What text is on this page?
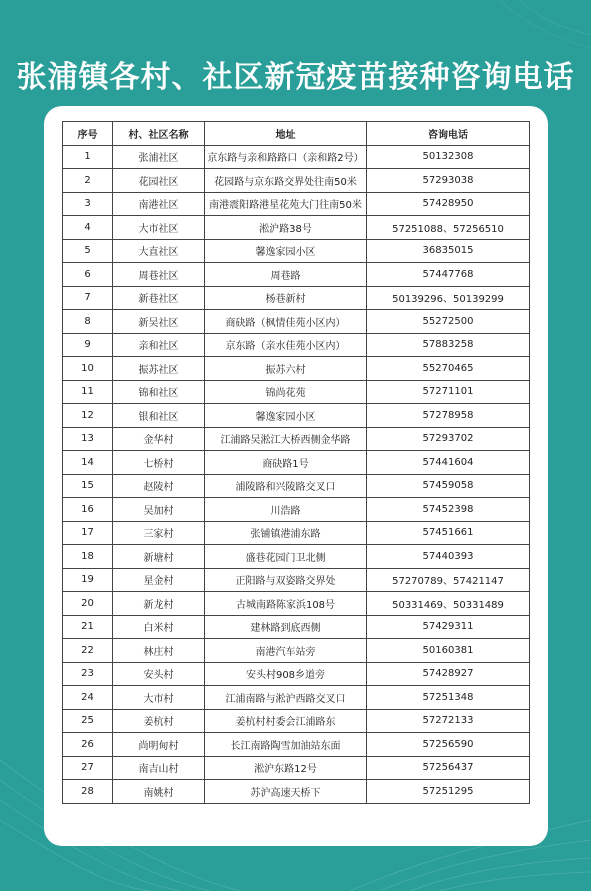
张浦镇各村、社区新冠疫苗接种咨询电话
序号	村、社区名称	地址	咨询电话
1	张浦社区	京东路与亲和路路口（亲和路2号）	50132308
2	花园社区	花园路与京东路交界处往南50米	57293038
3	南港社区	南港震阳路港星花苑大门往南50米	57428950
4	大市社区	淞沪路38号	57251088、57256510
5	大直社区	馨逸家园小区	36835015
6	周巷社区	周巷路	57447768
7	新巷社区	杨巷新村	50139296、50139299
8	新吴社区	商砄路（枫情佳苑小区内）	55272500
9	亲和社区	京东路（亲水佳苑小区内）	57883258
10	振苏社区	振苏六村	55270465
11	锦和社区	锦尚花苑	57271101
12	银和社区	馨逸家园小区	57278958
13	金华村	江浦路吴淞江大桥西侧金华路	57293702
14	七桥村	商砄路1号	57441604
15	赵陵村	浦陵路和兴陵路交叉口	57459058
16	吴加村	川浩路	57452398
17	三家村	张铺镇港浦东路	57451661
18	新塘村	盛巷花园门卫北侧	57440393
19	星金村	正阳路与双姿路交界处	57270789、57421147
20	新龙村	古城南路陈家浜108号	50331469、50331489
21	白米村	建林路到底西侧	57429311
22	林庄村	南港汽车站旁	50160381
23	安头村	安头村908乡道旁	57428927
24	大市村	江浦南路与淞沪西路交叉口	57251348
25	姜杭村	姜杭村村委会江浦路东	57272133
26	尚明甸村	长江南路陶雪加油站东面	57256590
27	南吉山村	淞沪东路12号	57256437
28	南姚村	苏沪高速天桥下	57251295
